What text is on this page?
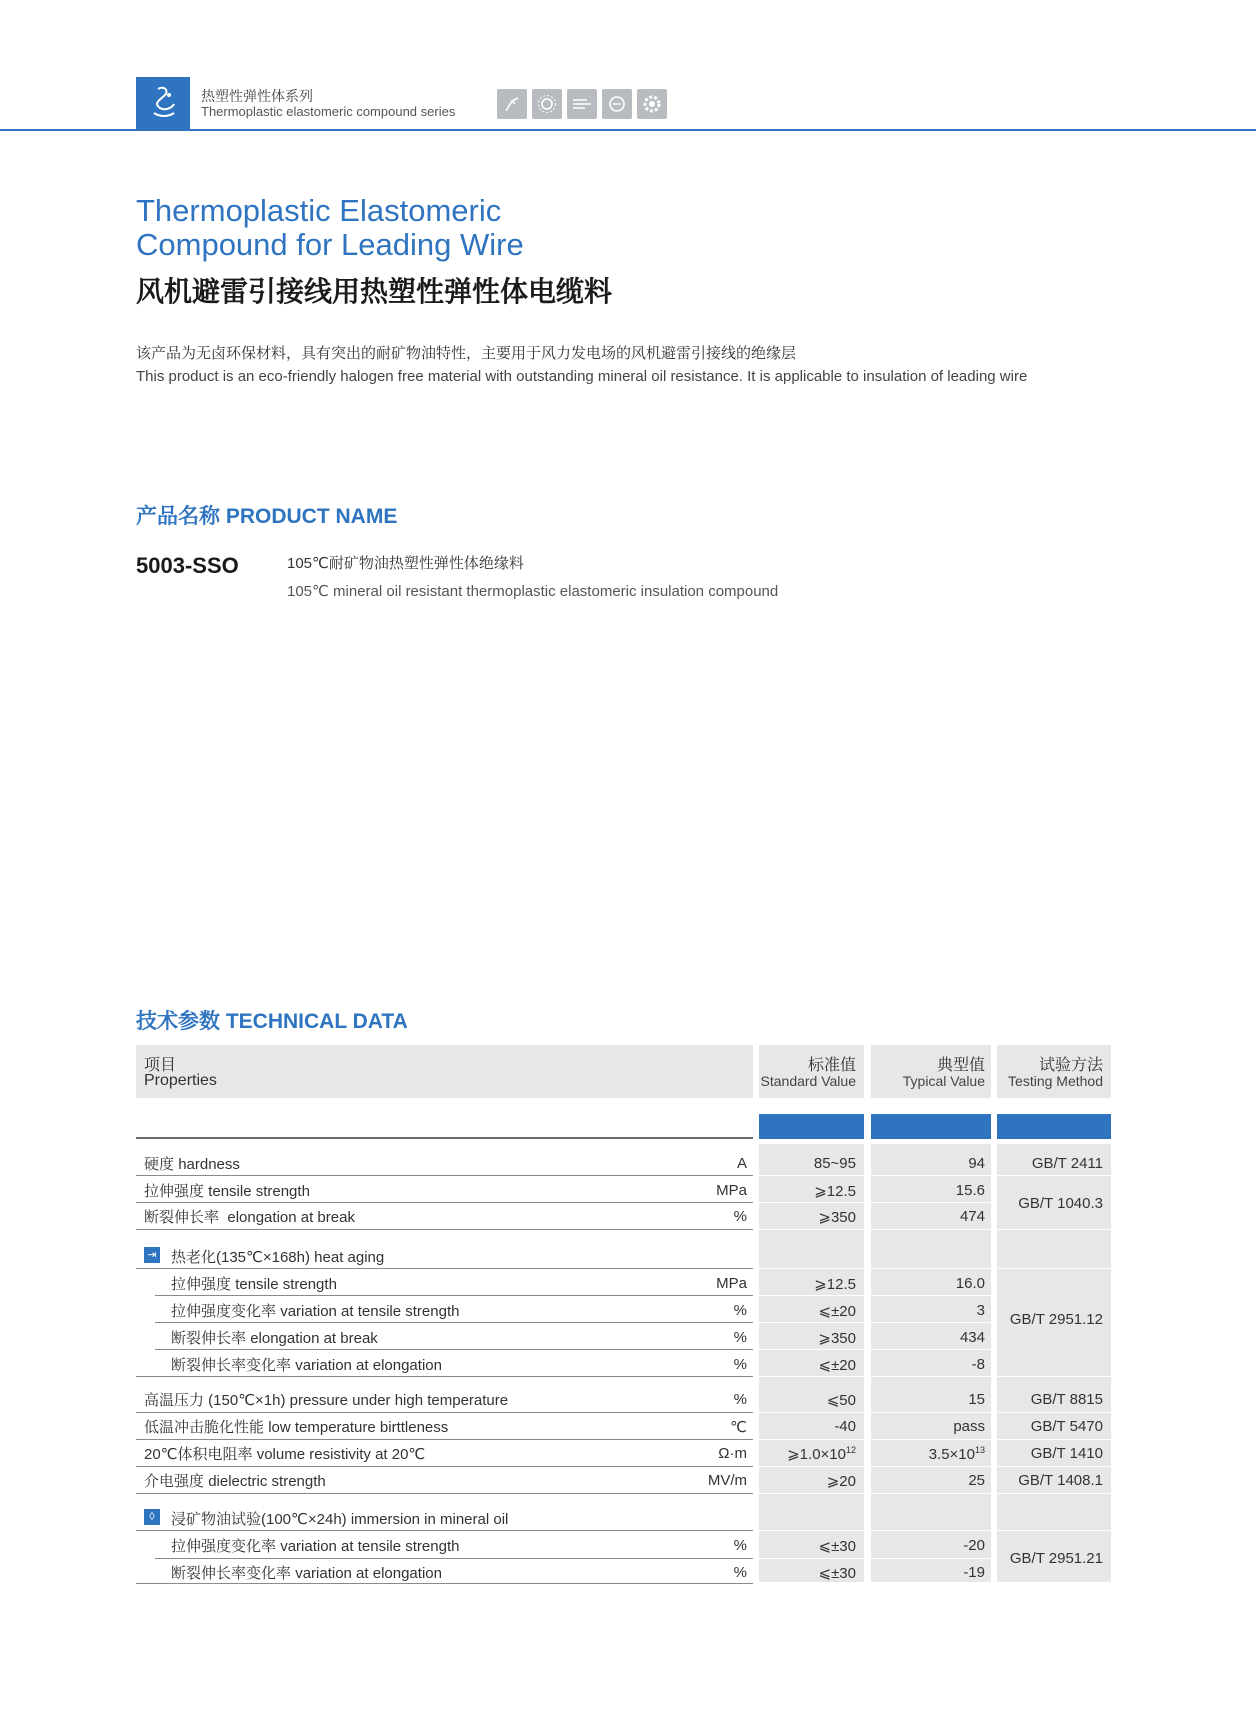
热塑性弹性体系列
Thermoplastic elastomeric compound series
Thermoplastic Elastomeric
Compound for Leading Wire
风机避雷引接线用热塑性弹性体电缆料
该产品为无卤环保材料，具有突出的耐矿物油特性，主要用于风力发电场的风机避雷引接线的绝缘层
This product is an eco-friendly halogen free material with outstanding mineral oil resistance. It is applicable to insulation of leading wire
产品名称 PRODUCT NAME
5003-SSO	105℃耐矿物油热塑性弹性体绝缘料
105℃ mineral oil resistant thermoplastic elastomeric insulation compound
技术参数 TECHNICAL DATA
项目
Properties
标准值
Standard Value
典型值
Typical Value
试验方法
Testing Method
硬度 hardness	A	85~95	94	GB/T 2411
拉伸强度 tensile strength	MPa	⩾12.5	15.6
断裂伸长率 elongation at break	%	⩾350	474
GB/T 1040.3
⇥ 热老化(135℃×168h) heat aging
拉伸强度 tensile strength	MPa	⩾12.5	16.0
拉伸强度变化率 variation at tensile strength	%	⩽±20	3
断裂伸长率 elongation at break	%	⩾350	434
断裂伸长率变化率 variation at elongation	%	⩽±20	-8
GB/T 2951.12
高温压力 (150℃×1h) pressure under high temperature	%	⩽50	15	GB/T 8815
低温冲击脆化性能 low temperature birttleness	℃	-40	pass	GB/T 5470
20℃体积电阻率 volume resistivity at 20℃	Ω·m	$⩾1.0\times 10^{12}$	$3.5\times 10^{13}$	GB/T 1410
介电强度 dielectric strength	MV/m	⩾20	25	GB/T 1408.1
◊	浸矿物油试验(100℃×24h) immersion in mineral oil
拉伸强度变化率 variation at tensile strength	%	⩽±30	-20
断裂伸长率变化率 variation at elongation	%	⩽±30	-19
GB/T 2951.21
